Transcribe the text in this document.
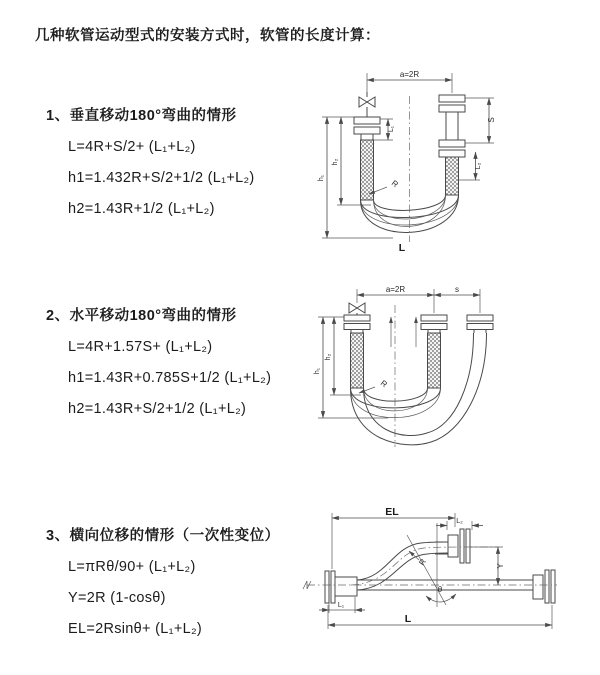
几种软管运动型式的安装方式时，软管的长度计算：
1、垂直移动180°弯曲的情形

L=4R+S/2+ (L₁+L₂)

h1=1.432R+S/2+1/2 (L₁+L₂)

h2=1.43R+1/2 (L₁+L₂)

2、水平移动180°弯曲的情形

L=4R+1.57S+ (L₁+L₂)

h1=1.43R+0.785S+1/2 (L₁+L₂)

h2=1.43R+S/2+1/2 (L₁+L₂)

3、横向位移的情形（一次性变位）

L=πRθ/90+ (L₁+L₂)

Y=2R (1-cosθ)

EL=2Rsinθ+ (L₁+L₂)

a=2R
L₁
S
L₂
h₁
h₂
R
L
a=2R	s
h₁
h₂
R
EL
L₂
θ
R	Y
L₁
L
